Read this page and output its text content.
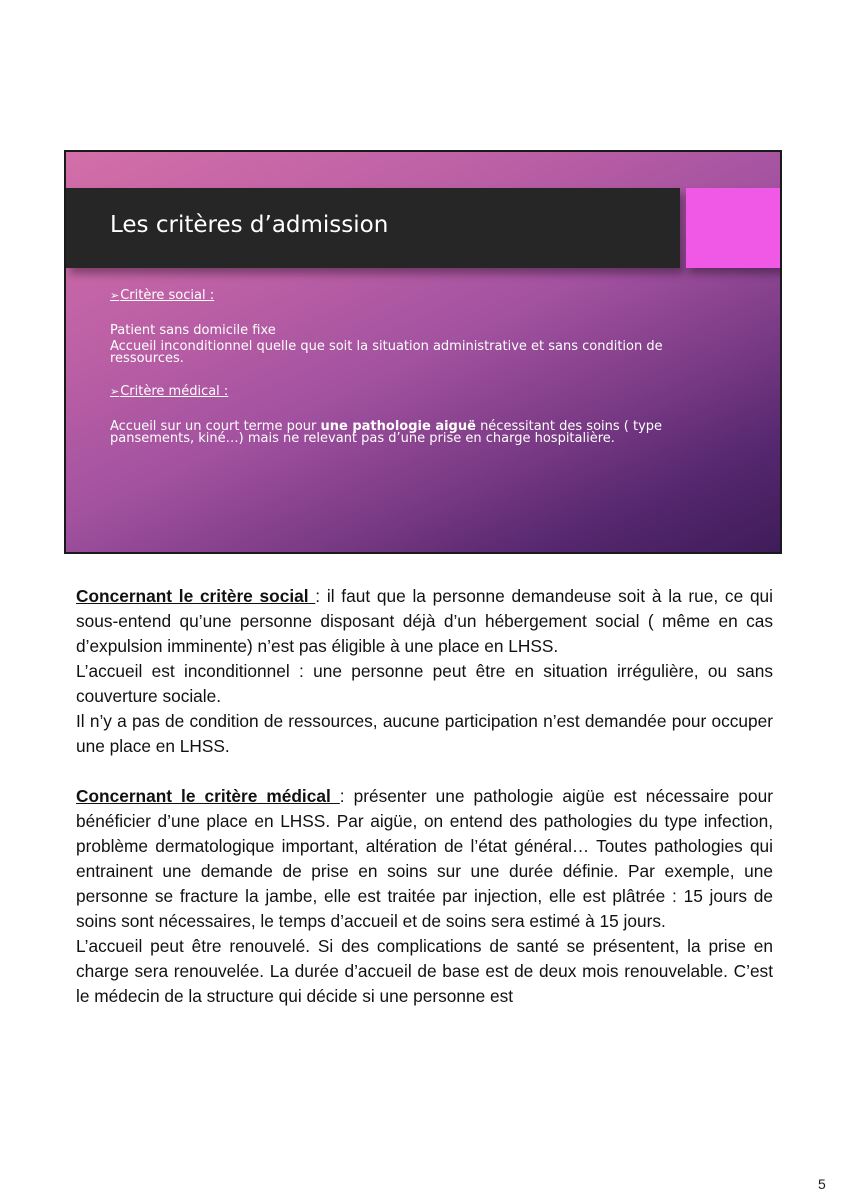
Les critères d’admission
➢ Critère social :

Patient sans domicile fixe

Accueil inconditionnel quelle que soit la situation administrative et sans condition de ressources.

➢ Critère médical :

Accueil sur un court terme pour une pathologie aiguë nécessitant des soins ( type pansements, kiné…) mais ne relevant pas d’une prise en charge hospitalière.

Concernant le critère social : il faut que la personne demandeuse soit à la rue, ce qui sous-entend qu’une personne disposant déjà d’un hébergement social ( même en cas d’expulsion imminente) n’est pas éligible à une place en LHSS.

L’accueil est inconditionnel : une personne peut être en situation irrégulière, ou sans couverture sociale.

Il n’y a pas de condition de ressources, aucune participation n’est demandée pour occuper une place en LHSS.

Concernant le critère médical : présenter une pathologie aigüe est nécessaire pour bénéficier d’une place en LHSS. Par aigüe, on entend des pathologies du type infection, problème dermatologique important, altération de l’état général… Toutes pathologies qui entrainent une demande de prise en soins sur une durée définie. Par exemple, une personne se fracture la jambe, elle est traitée par injection, elle est plâtrée : 15 jours de soins sont nécessaires, le temps d’accueil et de soins sera estimé à 15 jours.

L’accueil peut être renouvelé. Si des complications de santé se présentent, la prise en charge sera renouvelée. La durée d’accueil de base est de deux mois renouvelable. C’est le médecin de la structure qui décide si une personne est

5
